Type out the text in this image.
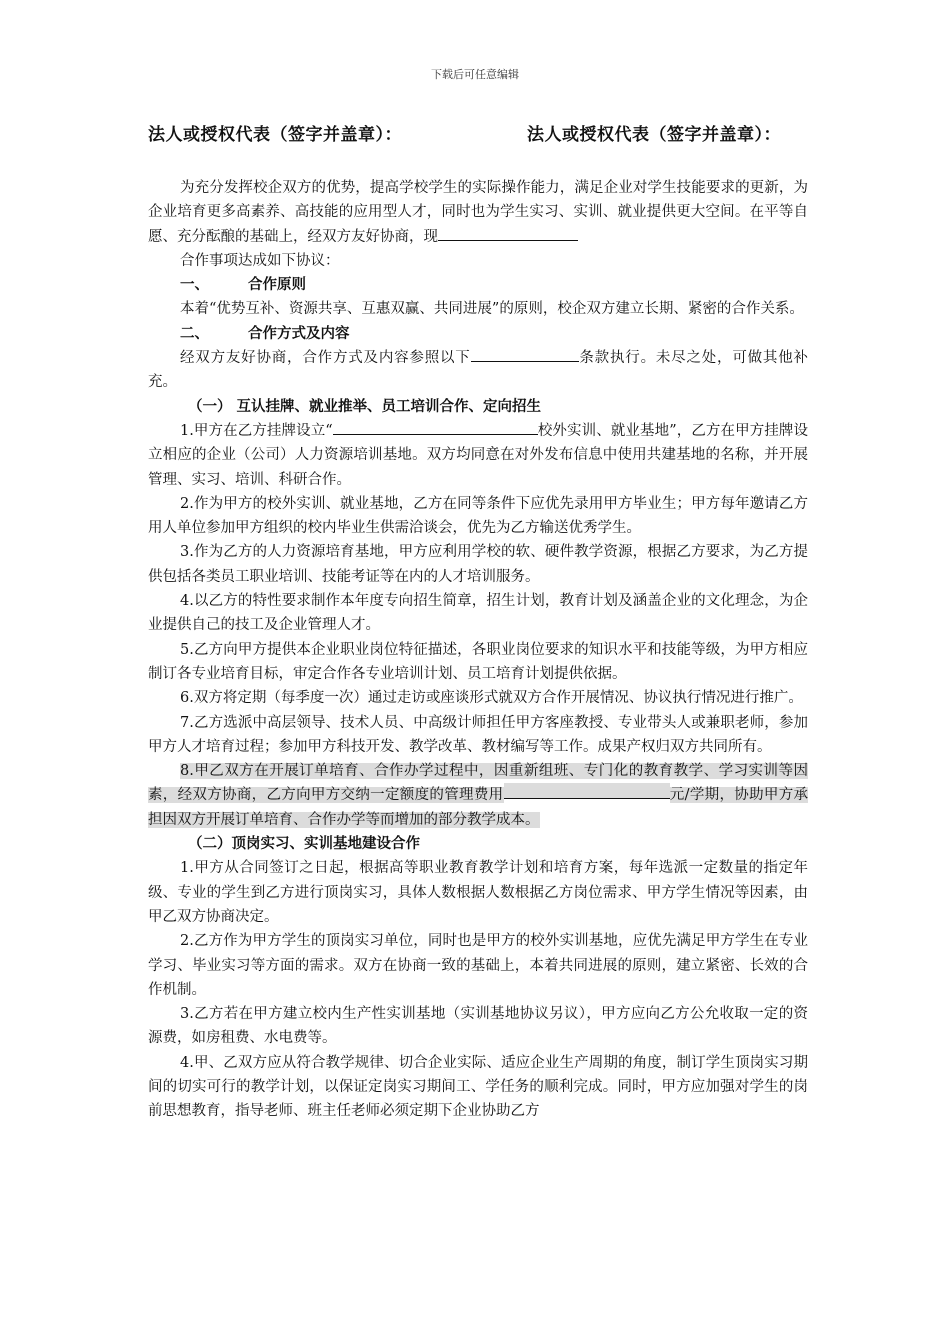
下载后可任意编辑
法人或授权代表（签字并盖章）：	法人或授权代表（签字并盖章）：

为充分发挥校企双方的优势，提高学校学生的实际操作能力，满足企业对学生技能要求的更新，为企业培育更多高素养、高技能的应用型人才，同时也为学生实习、实训、就业提供更大空间。在平等自愿、充分酝酿的基础上，经双方友好协商，现

合作事项达成如下协议：

一、	合作原则

本着“优势互补、资源共享、互惠双赢、共同进展”的原则，校企双方建立长期、紧密的合作关系。

二、	合作方式及内容

经双方友好协商，合作方式及内容参照以下	条款执行。未尽之处，可做其他补充。

（一） 互认挂牌、就业推举、员工培训合作、定向招生

1.甲方在乙方挂牌设立“	校外实训、就业基地”，乙方在甲方挂牌设立相应的企业（公司）人力资源培训基地。双方均同意在对外发布信息中使用共建基地的名称，并开展管理、实习、培训、科研合作。

2.作为甲方的校外实训、就业基地，乙方在同等条件下应优先录用甲方毕业生；甲方每年邀请乙方用人单位参加甲方组织的校内毕业生供需洽谈会，优先为乙方输送优秀学生。

3.作为乙方的人力资源培育基地，甲方应利用学校的软、硬件教学资源，根据乙方要求，为乙方提供包括各类员工职业培训、技能考证等在内的人才培训服务。

4.以乙方的特性要求制作本年度专向招生简章，招生计划，教育计划及涵盖企业的文化理念，为企业提供自己的技工及企业管理人才。

5.乙方向甲方提供本企业职业岗位特征描述，各职业岗位要求的知识水平和技能等级，为甲方相应制订各专业培育目标，审定合作各专业培训计划、员工培育计划提供依据。

6.双方将定期（每季度一次）通过走访或座谈形式就双方合作开展情况、协议执行情况进行推广。

7.乙方选派中高层领导、技术人员、中高级计师担任甲方客座教授、专业带头人或兼职老师，参加甲方人才培育过程；参加甲方科技开发、教学改革、教材编写等工作。成果产权归双方共同所有。

8.甲乙双方在开展订单培育、合作办学过程中，因重新组班、专门化的教育教学、学习实训等因素，经双方协商，乙方向甲方交纳一定额度的管理费用	元/学期，协助甲方承担因双方开展订单培育、合作办学等而增加的部分教学成本。

（二）顶岗实习、实训基地建设合作

1.甲方从合同签订之日起，根据高等职业教育教学计划和培育方案，每年选派一定数量的指定年级、专业的学生到乙方进行顶岗实习，具体人数根据人数根据乙方岗位需求、甲方学生情况等因素，由甲乙双方协商决定。

2.乙方作为甲方学生的顶岗实习单位，同时也是甲方的校外实训基地，应优先满足甲方学生在专业学习、毕业实习等方面的需求。双方在协商一致的基础上，本着共同进展的原则，建立紧密、长效的合作机制。

3.乙方若在甲方建立校内生产性实训基地（实训基地协议另议），甲方应向乙方公允收取一定的资源费，如房租费、水电费等。

4.甲、乙双方应从符合教学规律、切合企业实际、适应企业生产周期的角度，制订学生顶岗实习期间的切实可行的教学计划，以保证定岗实习期间工、学任务的顺利完成。同时，甲方应加强对学生的岗前思想教育，指导老师、班主任老师必须定期下企业协助乙方
